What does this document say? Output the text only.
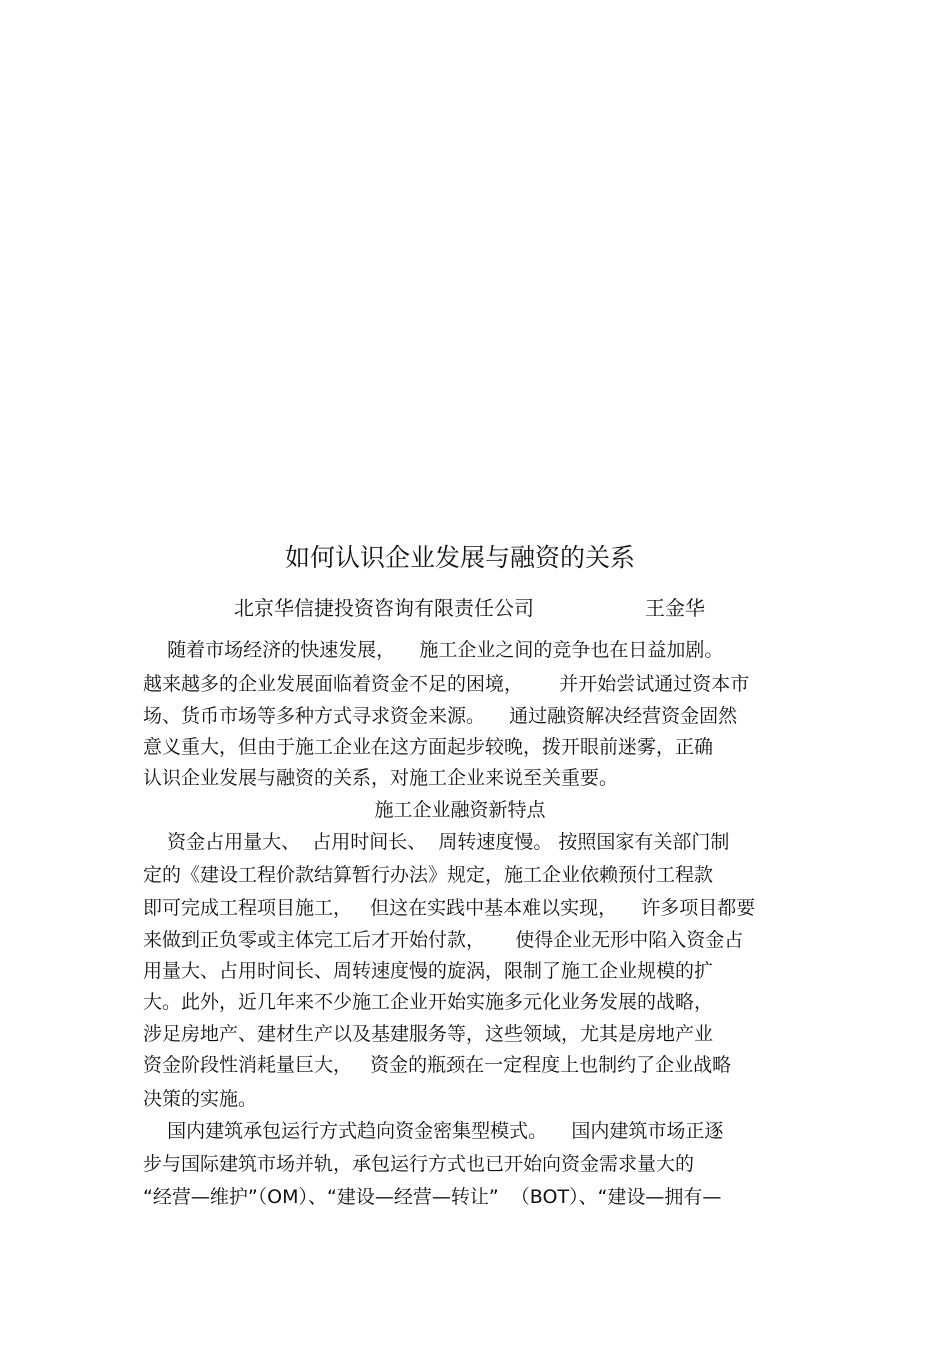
如何认识企业发展与融资的关系
北京华信捷投资咨询有限责任公司	王金华
随着市场经济的快速发展，    施工企业之间的竞争也在日益加剧。
越来越多的企业发展面临着资金不足的困境，      并开始尝试通过资本市
场、货币市场等多种方式寻求资金来源。    通过融资解决经营资金固然
意义重大，但由于施工企业在这方面起步较晚，拨开眼前迷雾，正确
认识企业发展与融资的关系，对施工企业来说至关重要。
施工企业融资新特点
资金占用量大、  占用时间长、  周转速度慢。 按照国家有关部门制
定的《建设工程价款结算暂行办法》规定，施工企业依赖预付工程款
即可完成工程项目施工，   但这在实践中基本难以实现，    许多项目都要
来做到正负零或主体完工后才开始付款，     使得企业无形中陷入资金占
用量大、占用时间长、周转速度慢的旋涡，限制了施工企业规模的扩
大。此外，近几年来不少施工企业开始实施多元化业务发展的战略，
涉足房地产、建材生产以及基建服务等，这些领域，尤其是房地产业
资金阶段性消耗量巨大，   资金的瓶颈在一定程度上也制约了企业战略
决策的实施。
国内建筑承包运行方式趋向资金密集型模式。    国内建筑市场正逐
步与国际建筑市场并轨，承包运行方式也已开始向资金需求量大的
“经营—维护”（OM）、“建设—经营—转让”  （BOT）、“建设—拥有—
